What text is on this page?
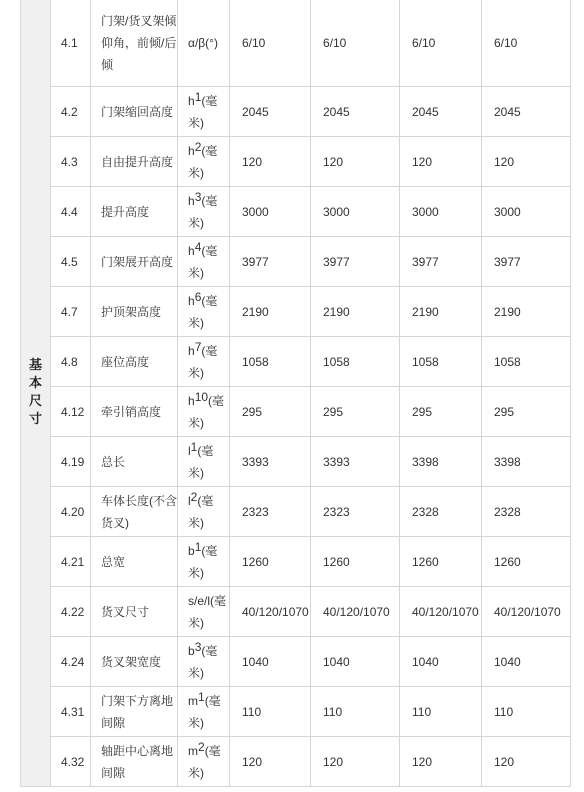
基本尺寸	4.1	门架/货叉架倾仰角，前倾/后倾	α/β(°)	6/10	6/10	6/10	6/10
	4.2	门架缩回高度	$h_1$(毫米)	2045	2045	2045	2045
	4.3	自由提升高度	$h_2$(毫米)	120	120	120	120
	4.4	提升高度	$h_3$(毫米)	3000	3000	3000	3000
	4.5	门架展开高度	$h_4$(毫米)	3977	3977	3977	3977
	4.7	护顶架高度	$h_6$(毫米)	2190	2190	2190	2190
	4.8	座位高度	$h_7$(毫米)	1058	1058	1058	1058
	4.12	牵引销高度	$h_{10}$(毫米)	295	295	295	295
	4.19	总长	$l_1$(毫米)	3393	3393	3398	3398
	4.20	车体长度(不含货叉)	$l_2$(毫米)	2323	2323	2328	2328
	4.21	总宽	$b_1$(毫米)	1260	1260	1260	1260
	4.22	货叉尺寸	s/e/l(毫米)	40/120/1070	40/120/1070	40/120/1070	40/120/1070
	4.24	货叉架宽度	$b_3$(毫米)	1040	1040	1040	1040
	4.31	门架下方离地间隙	$m_1$(毫米)	110	110	110	110
	4.32	轴距中心离地间隙	$m_2$(毫米)	120	120	120	120
